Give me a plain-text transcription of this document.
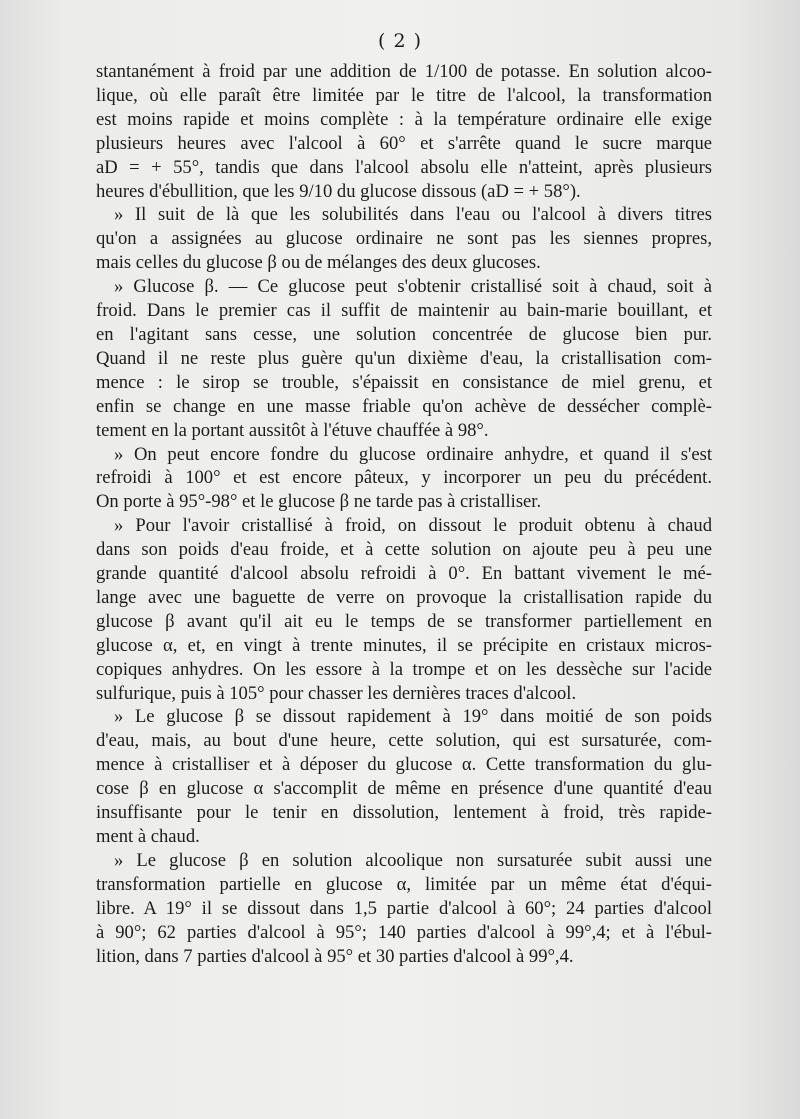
( 2 )
stantanément à froid par une addition de 1/100 de potasse. En solution alcoo-
lique, où elle paraît être limitée par le titre de l'alcool, la transformation
est moins rapide et moins complète : à la température ordinaire elle exige
plusieurs heures avec l'alcool à 60° et s'arrête quand le sucre marque
aD = + 55°, tandis que dans l'alcool absolu elle n'atteint, après plusieurs
heures d'ébullition, que les 9/10 du glucose dissous (aD = + 58°).
» Il suit de là que les solubilités dans l'eau ou l'alcool à divers titres
qu'on a assignées au glucose ordinaire ne sont pas les siennes propres,
mais celles du glucose β ou de mélanges des deux glucoses.
» Glucose β. — Ce glucose peut s'obtenir cristallisé soit à chaud, soit à
froid. Dans le premier cas il suffit de maintenir au bain-marie bouillant, et
en l'agitant sans cesse, une solution concentrée de glucose bien pur.
Quand il ne reste plus guère qu'un dixième d'eau, la cristallisation com-
mence : le sirop se trouble, s'épaissit en consistance de miel grenu, et
enfin se change en une masse friable qu'on achève de dessécher complè-
tement en la portant aussitôt à l'étuve chauffée à 98°.
» On peut encore fondre du glucose ordinaire anhydre, et quand il s'est
refroidi à 100° et est encore pâteux, y incorporer un peu du précédent.
On porte à 95°-98° et le glucose β ne tarde pas à cristalliser.
» Pour l'avoir cristallisé à froid, on dissout le produit obtenu à chaud
dans son poids d'eau froide, et à cette solution on ajoute peu à peu une
grande quantité d'alcool absolu refroidi à 0°. En battant vivement le mé-
lange avec une baguette de verre on provoque la cristallisation rapide du
glucose β avant qu'il ait eu le temps de se transformer partiellement en
glucose α, et, en vingt à trente minutes, il se précipite en cristaux micros-
copiques anhydres. On les essore à la trompe et on les dessèche sur l'acide
sulfurique, puis à 105° pour chasser les dernières traces d'alcool.
» Le glucose β se dissout rapidement à 19° dans moitié de son poids
d'eau, mais, au bout d'une heure, cette solution, qui est sursaturée, com-
mence à cristalliser et à déposer du glucose α. Cette transformation du glu-
cose β en glucose α s'accomplit de même en présence d'une quantité d'eau
insuffisante pour le tenir en dissolution, lentement à froid, très rapide-
ment à chaud.
» Le glucose β en solution alcoolique non sursaturée subit aussi une
transformation partielle en glucose α, limitée par un même état d'équi-
libre. A 19° il se dissout dans 1,5 partie d'alcool à 60°; 24 parties d'alcool
à 90°; 62 parties d'alcool à 95°; 140 parties d'alcool à 99°,4; et à l'ébul-
lition, dans 7 parties d'alcool à 95° et 30 parties d'alcool à 99°,4.
